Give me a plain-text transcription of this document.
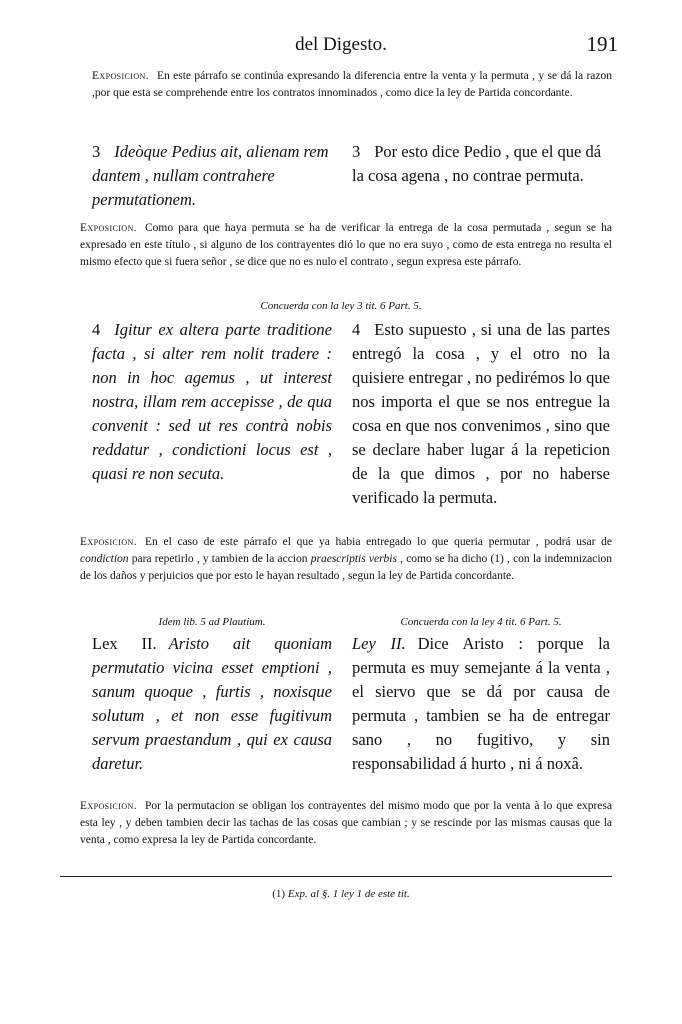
del Digesto.	191
Exposicion. En este párrafo se continúa expresando la diferencia entre la venta y la permuta , y se dá la razon ,por que esta se comprehende entre los contratos innominados , como dice la ley de Partida concordante.
3 Ideòque Pedius ait, alienam rem dantem , nullam contrahere permutationem.
3 Por esto dice Pedio , que el que dá la cosa agena , no contrae permuta.
Exposicion. Como para que haya permuta se ha de verificar la entrega de la cosa permutada , segun se ha expresado en este título , si alguno de los contrayentes dió lo que no era suyo , como de esta entrega no resulta el mismo efecto que si fuera señor , se dice que no es nulo el contrato , segun expresa este párrafo.
Concuerda con la ley 3 tit. 6 Part. 5.
4 Igitur ex altera parte traditione facta , si alter rem nolit tradere : non in hoc agemus , ut interest nostra, illam rem accepisse , de qua convenit : sed ut res contrà nobis reddatur , condictioni locus est , quasi re non secuta.
4 Esto supuesto , si una de las partes entregó la cosa , y el otro no la quisiere entregar , no pedirémos lo que nos importa el que se nos entregue la cosa en que nos convenimos , sino que se declare haber lugar á la repeticion de la que dimos , por no haberse verificado la permuta.
Exposicion. En el caso de este párrafo el que ya habia entregado lo que queria permutar , podrá usar de condiction para repetirlo , y tambien de la accion praescriptis verbis , como se ha dicho (1) , con la indemnizacion de los daños y perjuicios que por esto le hayan resultado , segun la ley de Partida concordante.
Idem lib. 5 ad Plautium.	Concuerda con la ley 4 tit. 6 Part. 5.
Lex II. Aristo ait quoniam permutatio vicina esset emptioni , sanum quoque , furtis , noxisque solutum , et non esse fugitivum servum praestandum , qui ex causa daretur.
Ley II. Dice Aristo : porque la permuta es muy semejante á la venta , el siervo que se dá por causa de permuta , tambien se ha de entregar sano , no fugitivo, y sin responsabilidad á hurto , ni á noxâ.
Exposicion. Por la permutacion se obligan los contrayentes del mismo modo que por la venta à lo que expresa esta ley , y deben tambien decir las tachas de las cosas que cambian ; y se rescinde por las mismas causas que la venta , como expresa la ley de Partida concordante.
(1) Exp. al §. 1 ley 1 de este tit.
